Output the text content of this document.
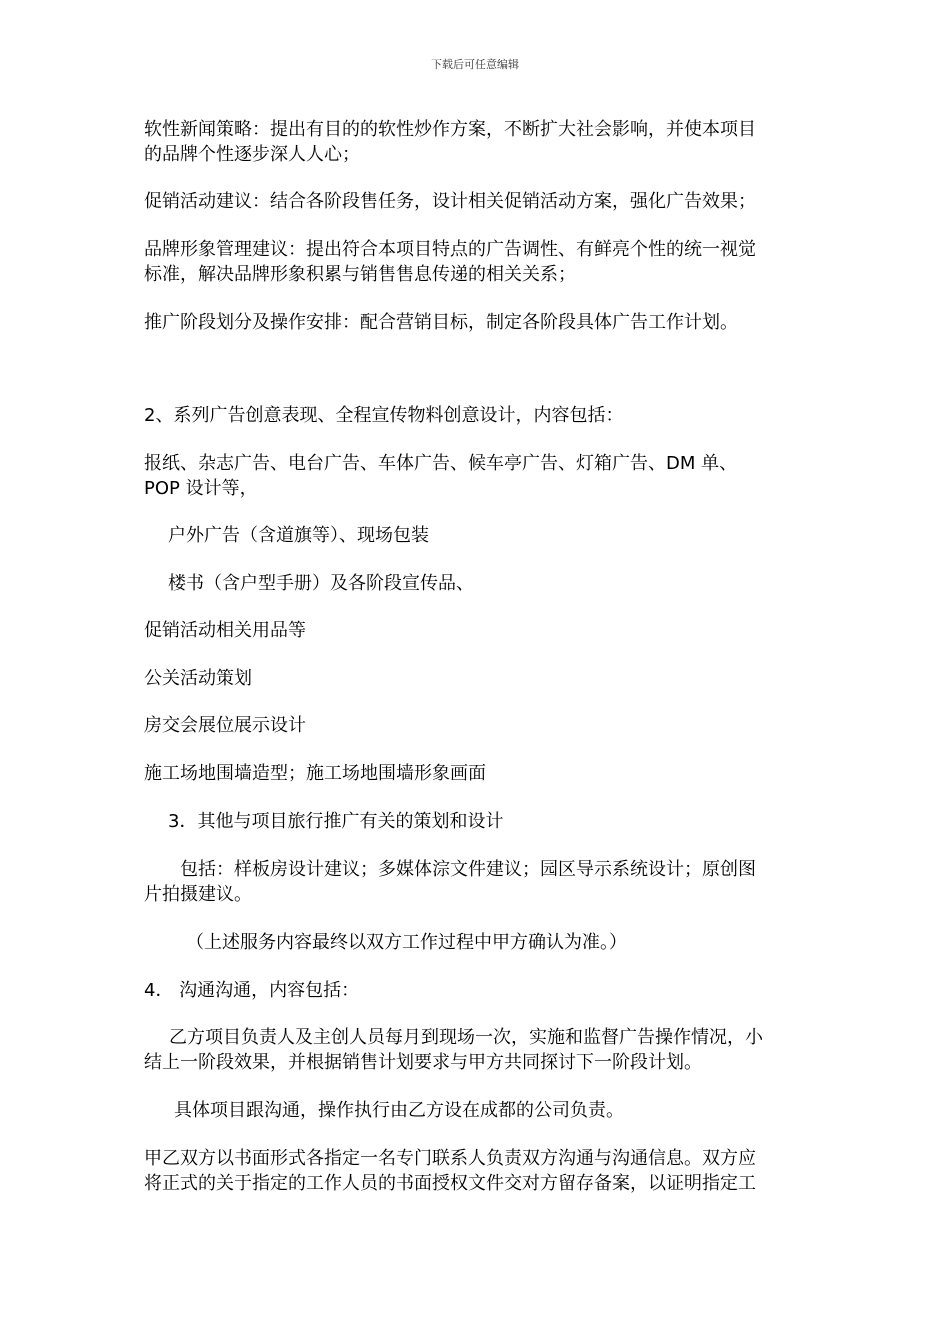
下载后可任意编辑
软性新闻策略：提出有目的的软性炒作方案，不断扩大社会影响，并使本项目
的品牌个性逐步深人人心；
促销活动建议：结合各阶段售任务，设计相关促销活动方案，强化广告效果；
品牌形象管理建议：提出符合本项目特点的广告调性、有鲜亮个性的统一视觉
标准，解决品牌形象积累与销售售息传递的相关关系；
推广阶段划分及操作安排：配合营销目标，制定各阶段具体广告工作计划。
2、系列广告创意表现、全程宣传物料创意设计，内容包括：
报纸、杂志广告、电台广告、车体广告、候车亭广告、灯箱广告、DM 单、
POP 设计等，
户外广告（含道旗等）、现场包装
楼书（含户型手册）及各阶段宣传品、
促销活动相关用品等
公关活动策划
房交会展位展示设计
施工场地围墙造型；施工场地围墙形象画面
3．其他与项目旅行推广有关的策划和设计
包括：样板房设计建议；多媒体淙文件建议；园区导示系统设计；原创图
片拍摄建议。
（上述服务内容最终以双方工作过程中甲方确认为准。）
4． 沟通沟通，内容包括：
乙方项目负责人及主创人员每月到现场一次，实施和监督广告操作情况，小
结上一阶段效果，并根据销售计划要求与甲方共同探讨下一阶段计划。
具体项目跟沟通，操作执行由乙方设在成都的公司负责。
甲乙双方以书面形式各指定一名专门联系人负责双方沟通与沟通信息。双方应
将正式的关于指定的工作人员的书面授权文件交对方留存备案，以证明指定工
